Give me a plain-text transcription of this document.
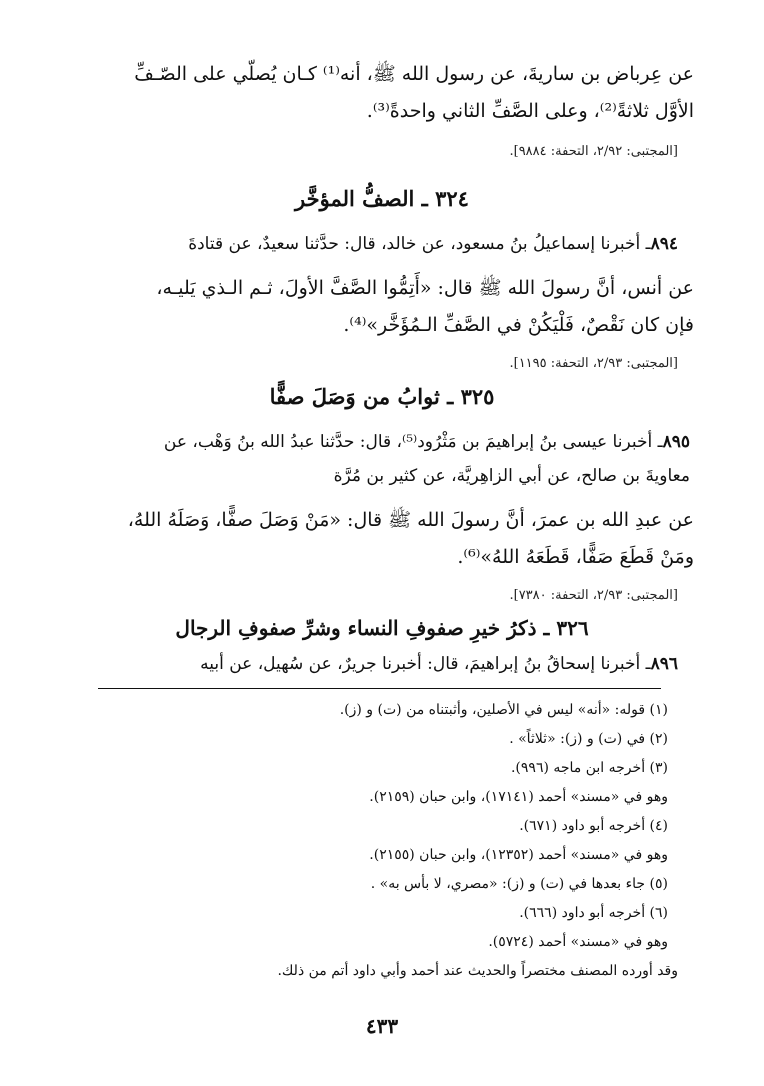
عن عِرباض بن ساريةَ، عن رسول الله ﷺ، أنه⁽¹⁾ كـان يُصلّي على الصّـفِّ
الأوَّل ثلاثةً⁽²⁾، وعلى الصَّفِّ الثاني واحدةً⁽³⁾.
[المجتبى: ٢/٩٢، التحفة: ٩٨٨٤].
٣٢٤ ـ الصفُّ المؤخَّر
٨٩٤ـ أخبرنا إسماعيلُ بنُ مسعود، عن خالد، قال: حدَّثنا سعيدٌ، عن قتادةَ
عن أنس، أنَّ رسولَ الله ﷺ قال: «أَتِمُّوا الصَّفَّ الأولَ، ثـم الـذي يَليـه،
فإن كان نَقْصٌ، فَلْيَكُنْ في الصَّفِّ الـمُؤَخَّر»⁽⁴⁾.
[المجتبى: ٢/٩٣، التحفة: ١١٩٥].
٣٢٥ ـ ثوابُ من وَصَلَ صفًّا
٨٩٥ـ أخبرنا عيسى بنُ إبراهيمَ بن مَثْرُود⁽⁵⁾، قال: حدَّثنا عبدُ الله بنُ وَهْب، عن
معاويةَ بن صالح، عن أبي الزاهِريَّة، عن كثير بن مُرَّة
عن عبدِ الله بن عمرَ، أنَّ رسولَ الله ﷺ قال: «مَنْ وَصَلَ صفًّا، وَصَلَهُ اللهُ،
ومَنْ قَطَعَ صَفًّا، قَطَعَهُ اللهُ»⁽⁶⁾.
[المجتبى: ٢/٩٣، التحفة: ٧٣٨٠].
٣٢٦ ـ ذكرُ خيرِ صفوفِ النساء وشرِّ صفوفِ الرجال
٨٩٦ـ أخبرنا إسحاقُ بنُ إبراهيمَ، قال: أخبرنا جريرٌ، عن سُهيل، عن أبيه
(١) قوله: «أنه» ليس في الأصلين، وأثبتناه من (ت) و (ز).
(٢) في (ت) و (ز): «ثلاثاً» .
(٣) أخرجه ابن ماجه (٩٩٦).
وهو في «مسند» أحمد (١٧١٤١)، وابن حبان (٢١٥٩).
(٤) أخرجه أبو داود (٦٧١).
وهو في «مسند» أحمد (١٢٣٥٢)، وابن حبان (٢١٥٥).
(٥) جاء بعدها في (ت) و (ز): «مصري، لا بأس به» .
(٦) أخرجه أبو داود (٦٦٦).
وهو في «مسند» أحمد (٥٧٢٤).
وقد أورده المصنف مختصراً والحديث عند أحمد وأبي داود أتم من ذلك.
٤٣٣
